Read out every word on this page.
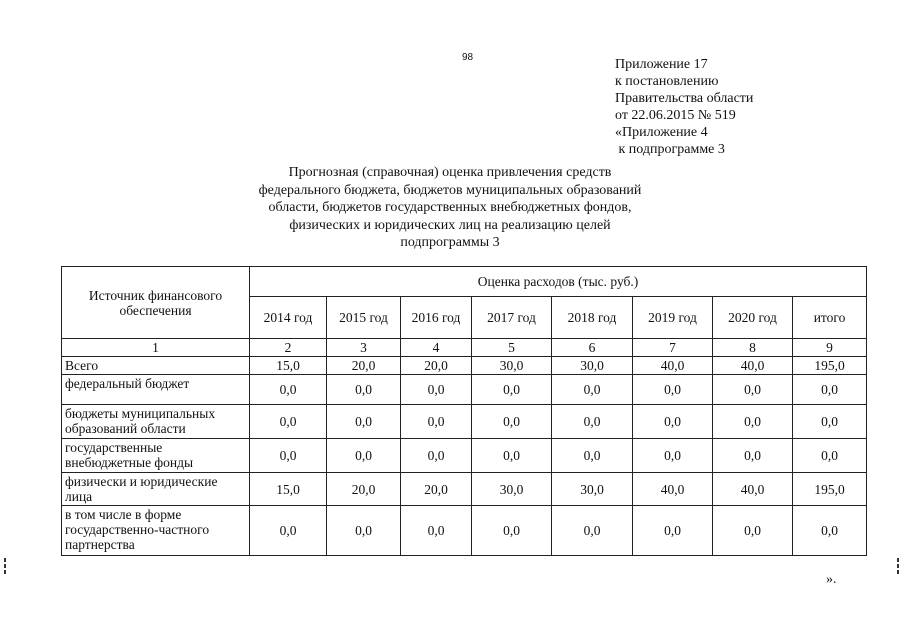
98	Приложение 17
к постановлению
Правительства области
от 22.06.2015 № 519
«Приложение 4
к подпрограмме 3
Прогнозная (справочная) оценка привлечения средств
федерального бюджета, бюджетов муниципальных образований
области, бюджетов государственных внебюджетных фондов,
физических и юридических лиц на реализацию целей
подпрограммы 3
Источник финансового обеспечения	Оценка расходов (тыс. руб.)							
	2014 год	2015 год	2016 год	2017 год	2018 год	2019 год	2020 год	итого
1	2	3	4	5	6	7	8	9
Всего	15,0	20,0	20,0	30,0	30,0	40,0	40,0	195,0
федеральный бюджет	0,0	0,0	0,0	0,0	0,0	0,0	0,0	0,0
бюджеты муниципальных образований области	0,0	0,0	0,0	0,0	0,0	0,0	0,0	0,0
государственные внебюджетные фонды	0,0	0,0	0,0	0,0	0,0	0,0	0,0	0,0
физически и юридические лица	15,0	20,0	20,0	30,0	30,0	40,0	40,0	195,0
в том числе в форме государственно-частного партнерства	0,0	0,0	0,0	0,0	0,0	0,0	0,0	0,0
».
